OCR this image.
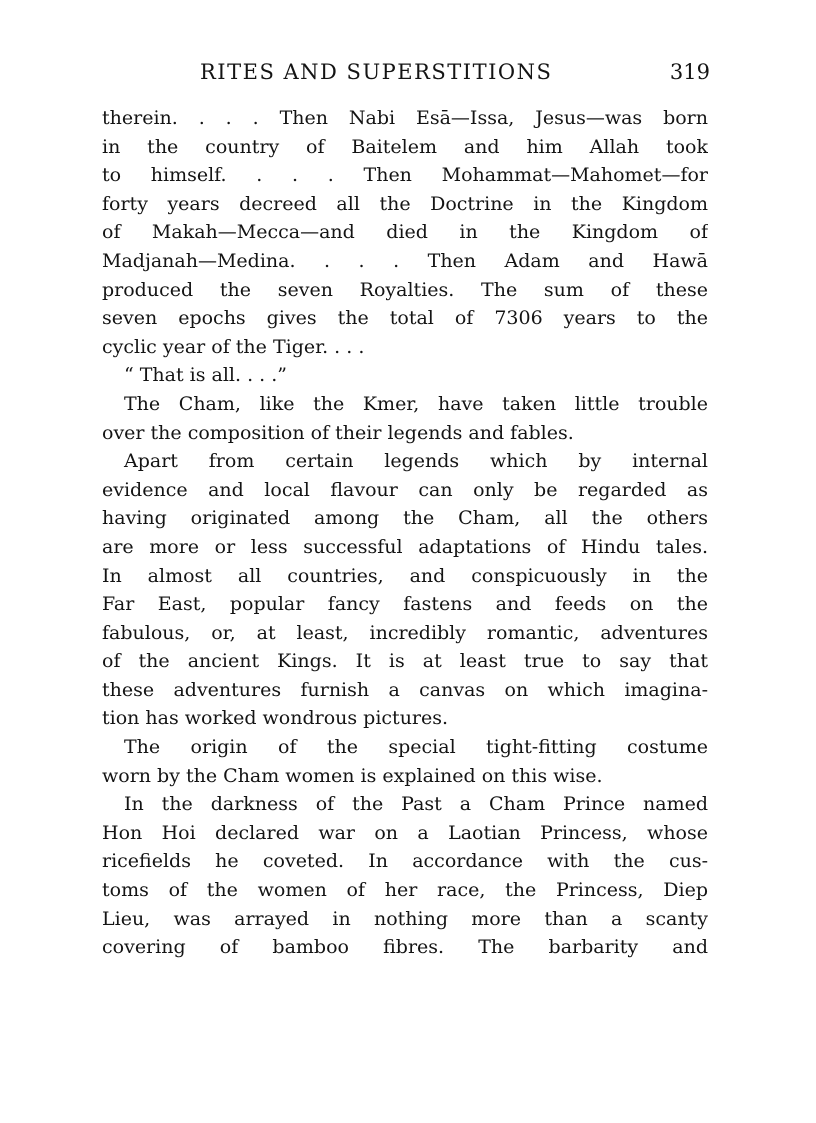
RITES AND SUPERSTITIONS	319
therein. . . . Then Nabi Esā—Issa, Jesus—was born
in the country of Baitelem and him Allah took
to himself. . . . Then Mohammat—Mahomet—for
forty years decreed all the Doctrine in the Kingdom
of Makah—Mecca—and died in the Kingdom of
Madjanah—Medina. . . . Then Adam and Hawā
produced the seven Royalties. The sum of these
seven epochs gives the total of 7306 years to the
cyclic year of the Tiger. . . .
“ That is all. . . .”
The Cham, like the Kmer, have taken little trouble
over the composition of their legends and fables.
Apart from certain legends which by internal
evidence and local flavour can only be regarded as
having originated among the Cham, all the others
are more or less successful adaptations of Hindu tales.
In almost all countries, and conspicuously in the
Far East, popular fancy fastens and feeds on the
fabulous, or, at least, incredibly romantic, adventures
of the ancient Kings. It is at least true to say that
these adventures furnish a canvas on which imagina-
tion has worked wondrous pictures.
The origin of the special tight-fitting costume
worn by the Cham women is explained on this wise.
In the darkness of the Past a Cham Prince named
Hon Hoi declared war on a Laotian Princess, whose
ricefields he coveted. In accordance with the cus-
toms of the women of her race, the Princess, Diep
Lieu, was arrayed in nothing more than a scanty
covering of bamboo fibres. The barbarity and
